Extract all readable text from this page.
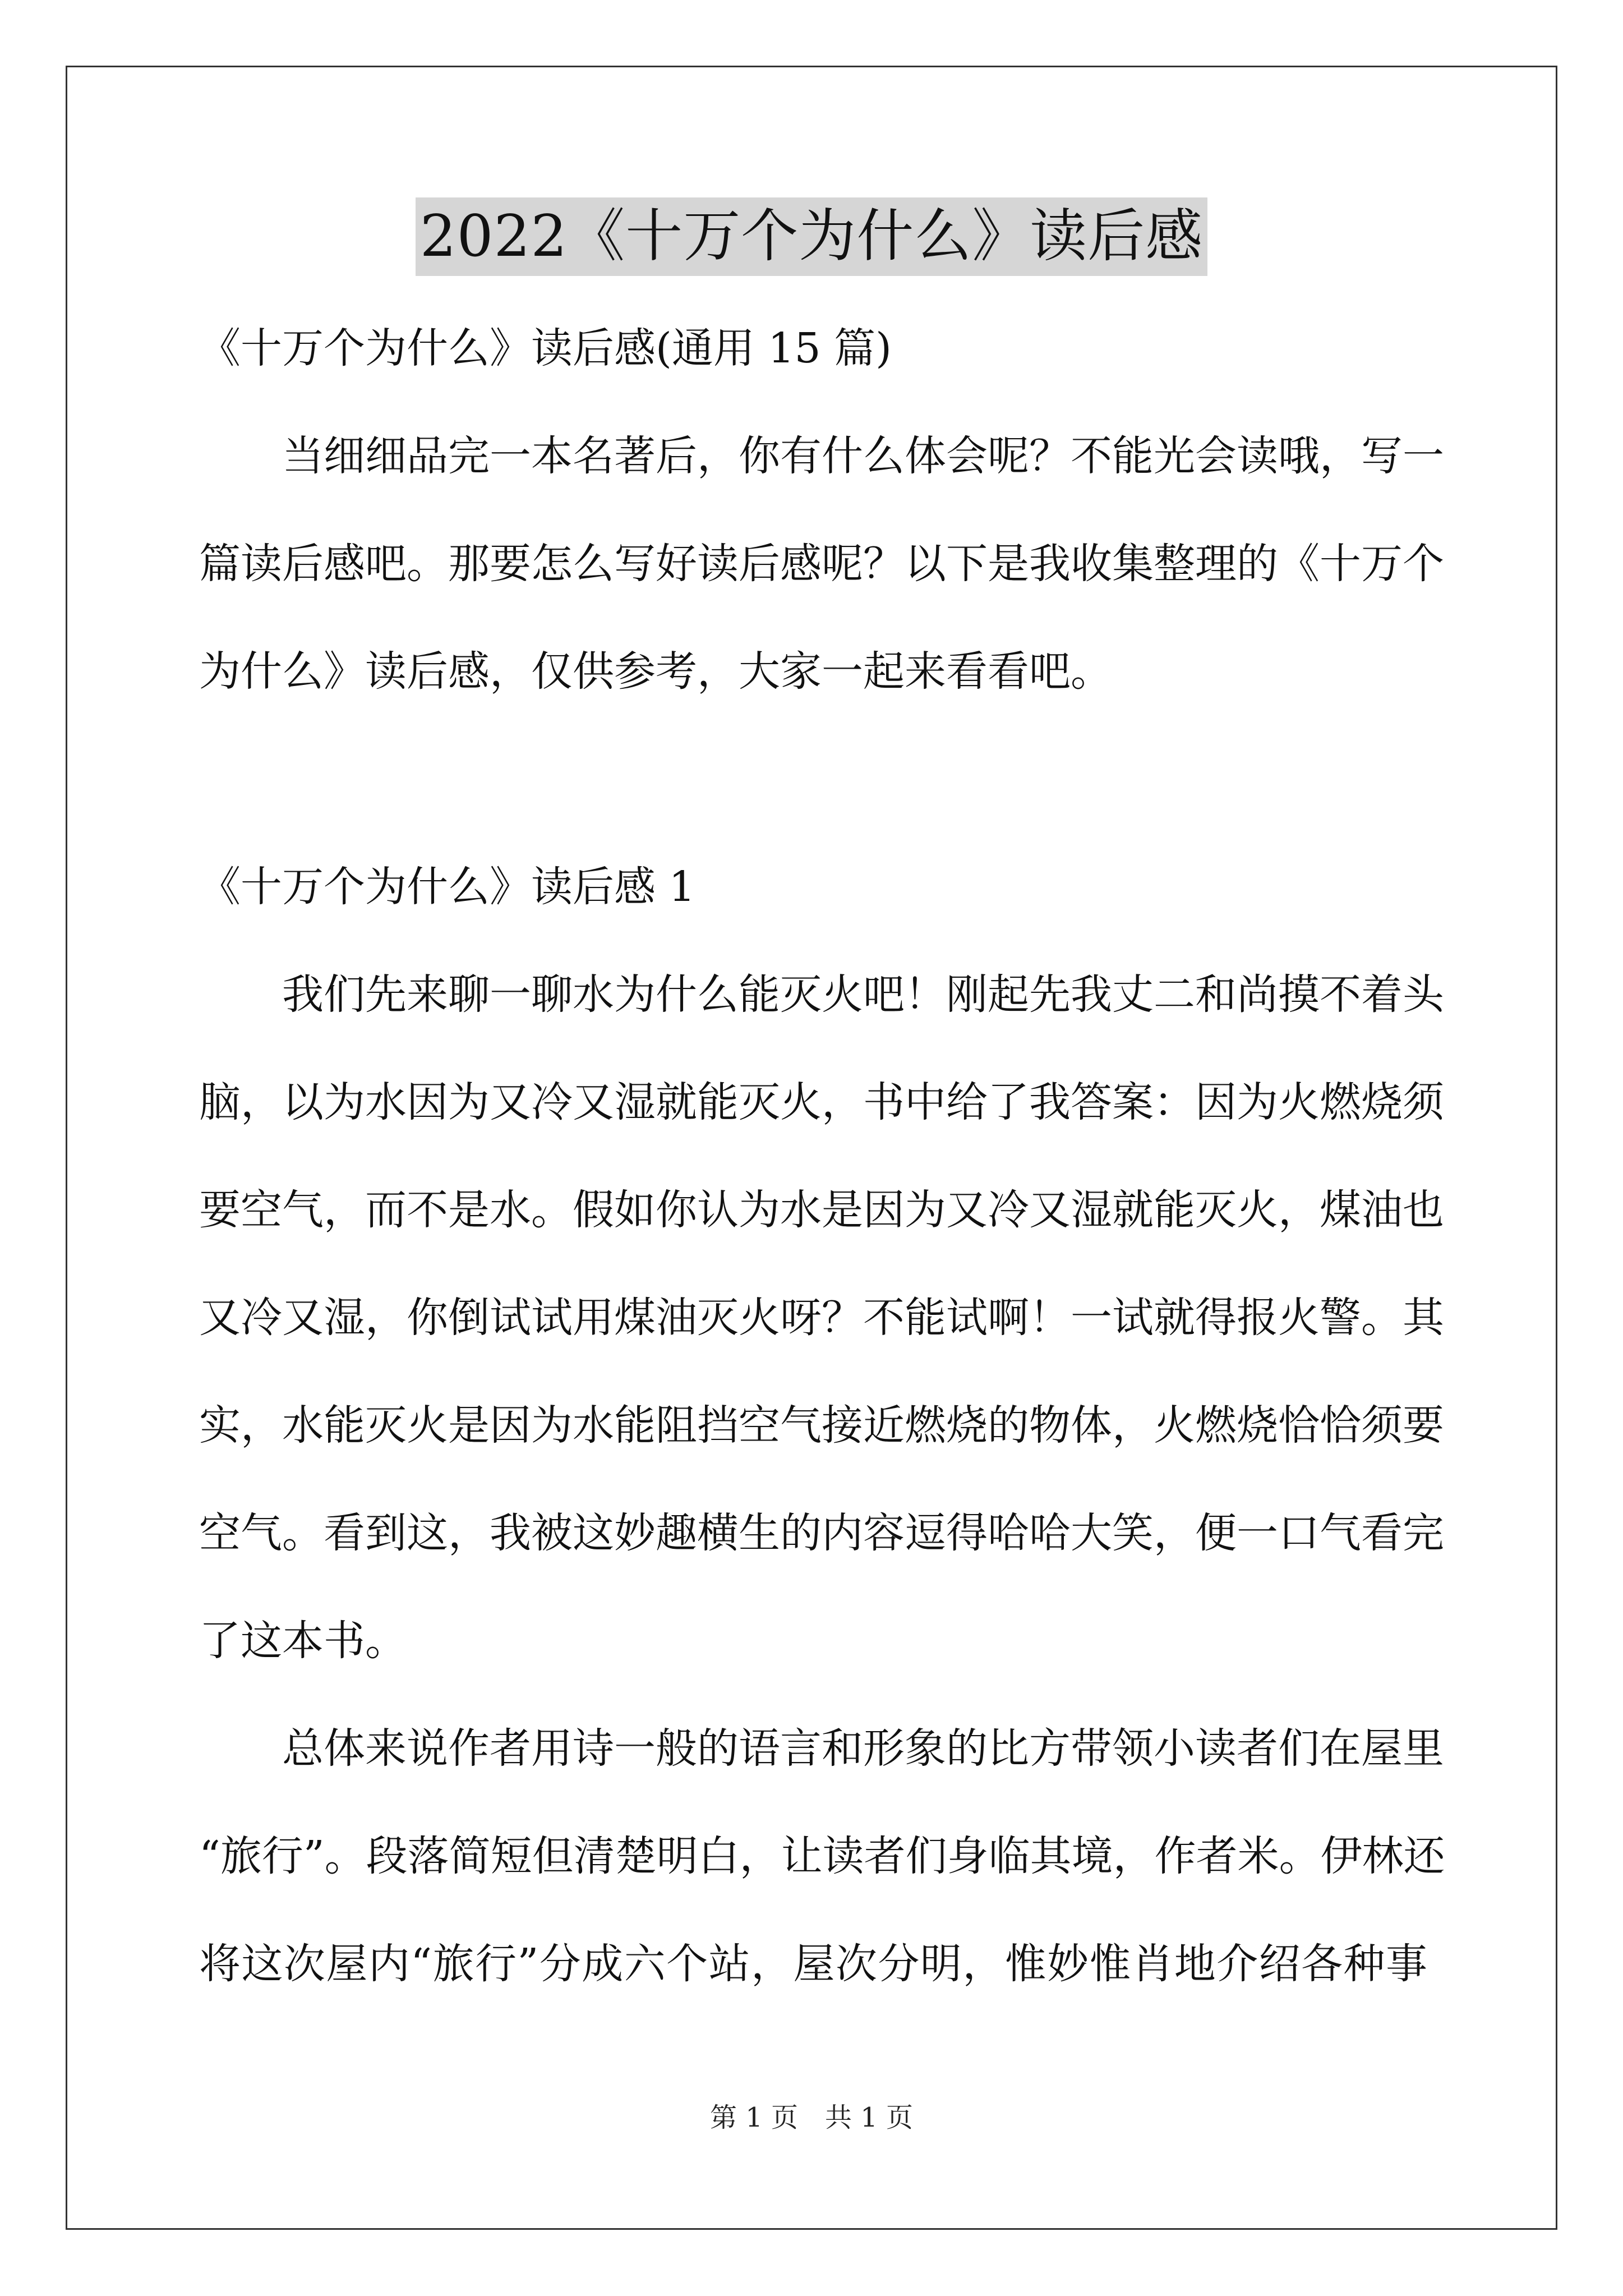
2022《十万个为什么》读后感
《十万个为什么》读后感(通用 15 篇)
　　当细细品完一本名著后，你有什么体会呢？不能光会读哦，写一
篇读后感吧。那要怎么写好读后感呢？以下是我收集整理的《十万个
为什么》读后感，仅供参考，大家一起来看看吧。
《十万个为什么》读后感 1
　　我们先来聊一聊水为什么能灭火吧！刚起先我丈二和尚摸不着头
脑，以为水因为又冷又湿就能灭火，书中给了我答案：因为火燃烧须
要空气，而不是水。假如你认为水是因为又冷又湿就能灭火，煤油也
又冷又湿，你倒试试用煤油灭火呀？不能试啊！一试就得报火警。其
实，水能灭火是因为水能阻挡空气接近燃烧的物体，火燃烧恰恰须要
空气。看到这，我被这妙趣横生的内容逗得哈哈大笑，便一口气看完
了这本书。
　　总体来说作者用诗一般的语言和形象的比方带领小读者们在屋里
“旅行”。段落简短但清楚明白，让读者们身临其境，作者米。伊林还
将这次屋内“旅行”分成六个站，屋次分明，惟妙惟肖地介绍各种事
第 1 页　共 1 页
